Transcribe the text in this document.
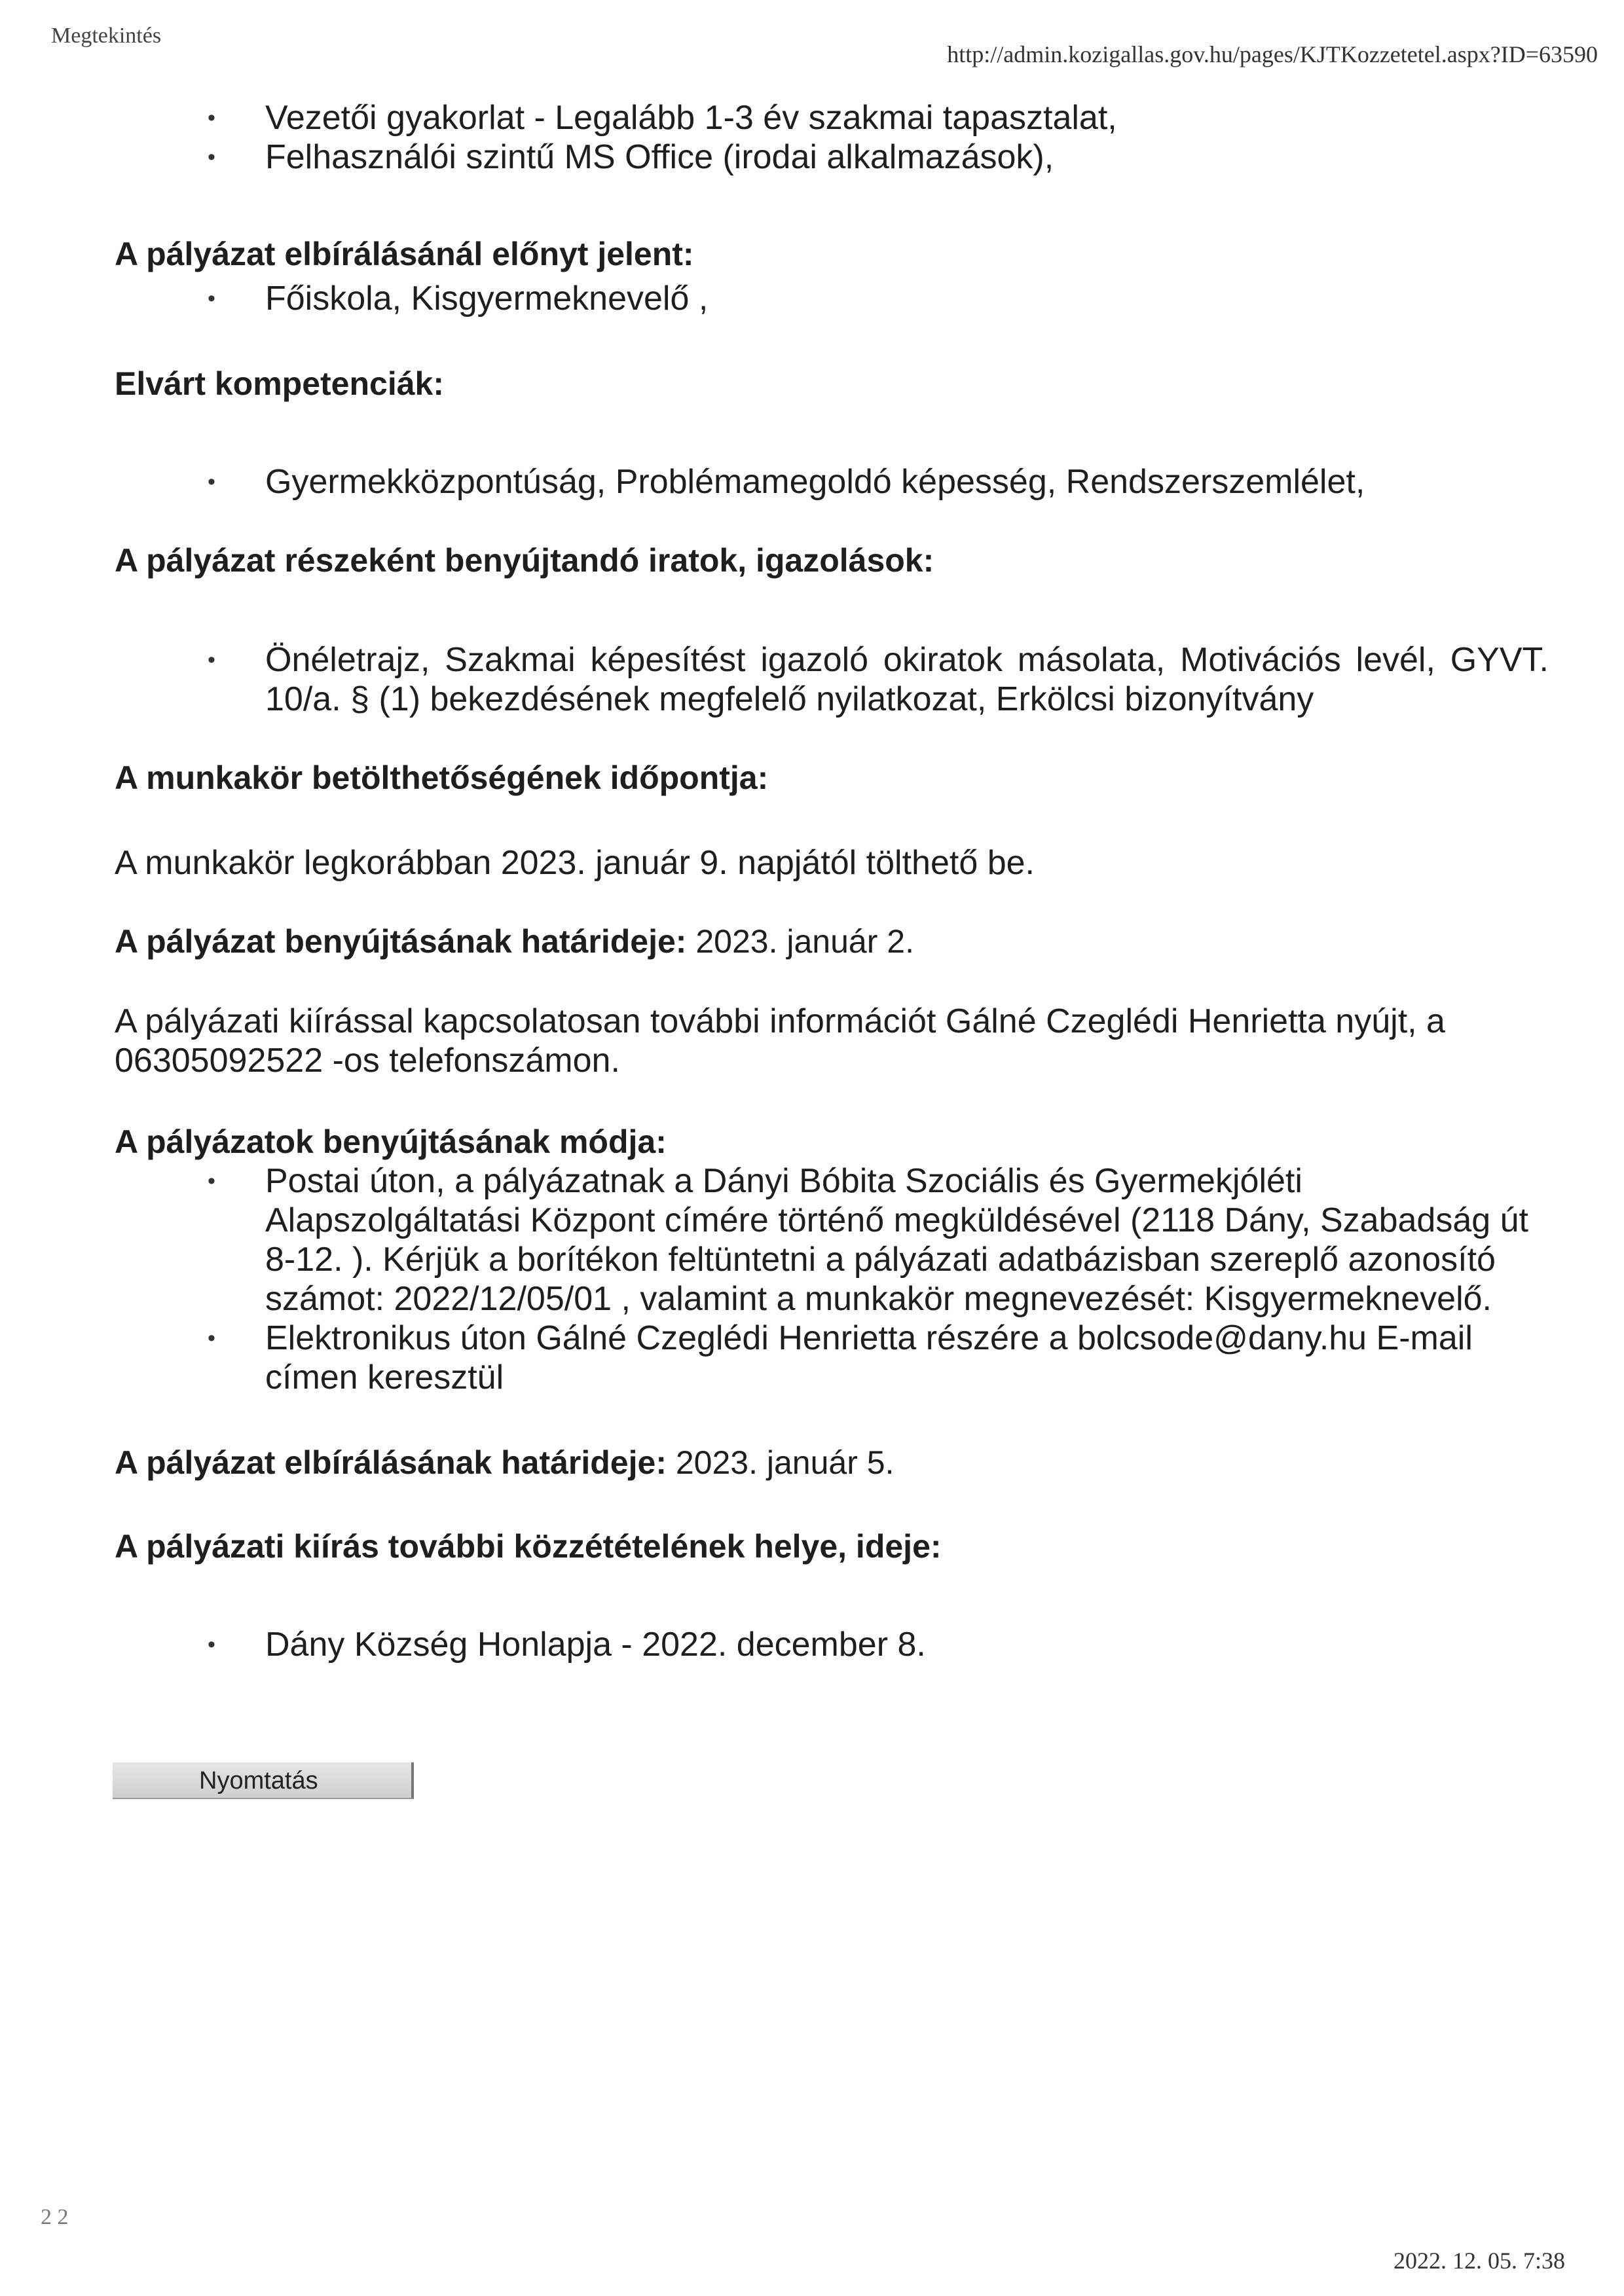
Megtekintés
http://admin.kozigallas.gov.hu/pages/KJTKozzetetel.aspx?ID=63590
• Vezetői gyakorlat - Legalább 1-3 év szakmai tapasztalat,
• Felhasználói szintű MS Office (irodai alkalmazások),

A pályázat elbírálásánál előnyt jelent:

• Főiskola, Kisgyermeknevelő ,

Elvárt kompetenciák:

• Gyermekközpontúság, Problémamegoldó képesség, Rendszerszemlélet,

A pályázat részeként benyújtandó iratok, igazolások:

• Önéletrajz, Szakmai képesítést igazoló okiratok másolata, Motivációs levél, GYVT. 10/a. § (1) bekezdésének megfelelő nyilatkozat, Erkölcsi bizonyítvány

A munkakör betölthetőségének időpontja:

A munkakör legkorábban 2023. január 9. napjától tölthető be.

A pályázat benyújtásának határideje: 2023. január 2.

A pályázati kiírással kapcsolatosan további információt Gálné Czeglédi Henrietta nyújt, a 06305092522 -os telefonszámon.

A pályázatok benyújtásának módja:

• Postai úton, a pályázatnak a Dányi Bóbita Szociális és Gyermekjóléti Alapszolgáltatási Központ címére történő megküldésével (2118 Dány, Szabadság út 8-12. ). Kérjük a borítékon feltüntetni a pályázati adatbázisban szereplő azonosító számot: 2022/12/05/01 , valamint a munkakör megnevezését: Kisgyermeknevelő.
• Elektronikus úton Gálné Czeglédi Henrietta részére a bolcsode@dany.hu E-mail címen keresztül

A pályázat elbírálásának határideje: 2023. január 5.

A pályázati kiírás további közzétételének helye, ideje:

• Dány Község Honlapja - 2022. december 8.
Nyomtatás
2 2
2022. 12. 05. 7:38
